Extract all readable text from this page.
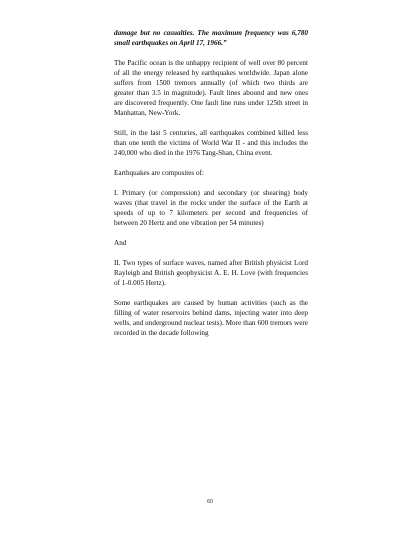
damage but no casualties. The maximum frequency was 6,780 small earthquakes on April 17, 1966.”

The Pacific ocean is the unhappy recipient of well over 80 percent of all the energy released by earthquakes worldwide. Japan alone suffers from 1500 tremors annually (of which two thirds are greater than 3.5 in magnitude). Fault lines abound and new ones are discovered frequently. One fault line runs under 125th street in Manhattan, New-York.

Still, in the last 5 centuries, all earthquakes combined killed less than one tenth the victims of World War II - and this includes the 240,000 who died in the 1976 Tang-Shan, China event.

Earthquakes are composites of:

I. Primary (or compression) and secondary (or shearing) body waves (that travel in the rocks under the surface of the Earth at speeds of up to 7 kilometers per second and frequencies of between 20 Hertz and one vibration per 54 minutes)

And

II. Two types of surface waves, named after British physicist Lord Rayleigh and British geophysicist A. E. H. Love (with frequencies of 1-0.005 Hertz).

Some earthquakes are caused by human activities (such as the filling of water reservoirs behind dams, injecting water into deep wells, and underground nuclear tests). More than 600 tremors were recorded in the decade following

60
